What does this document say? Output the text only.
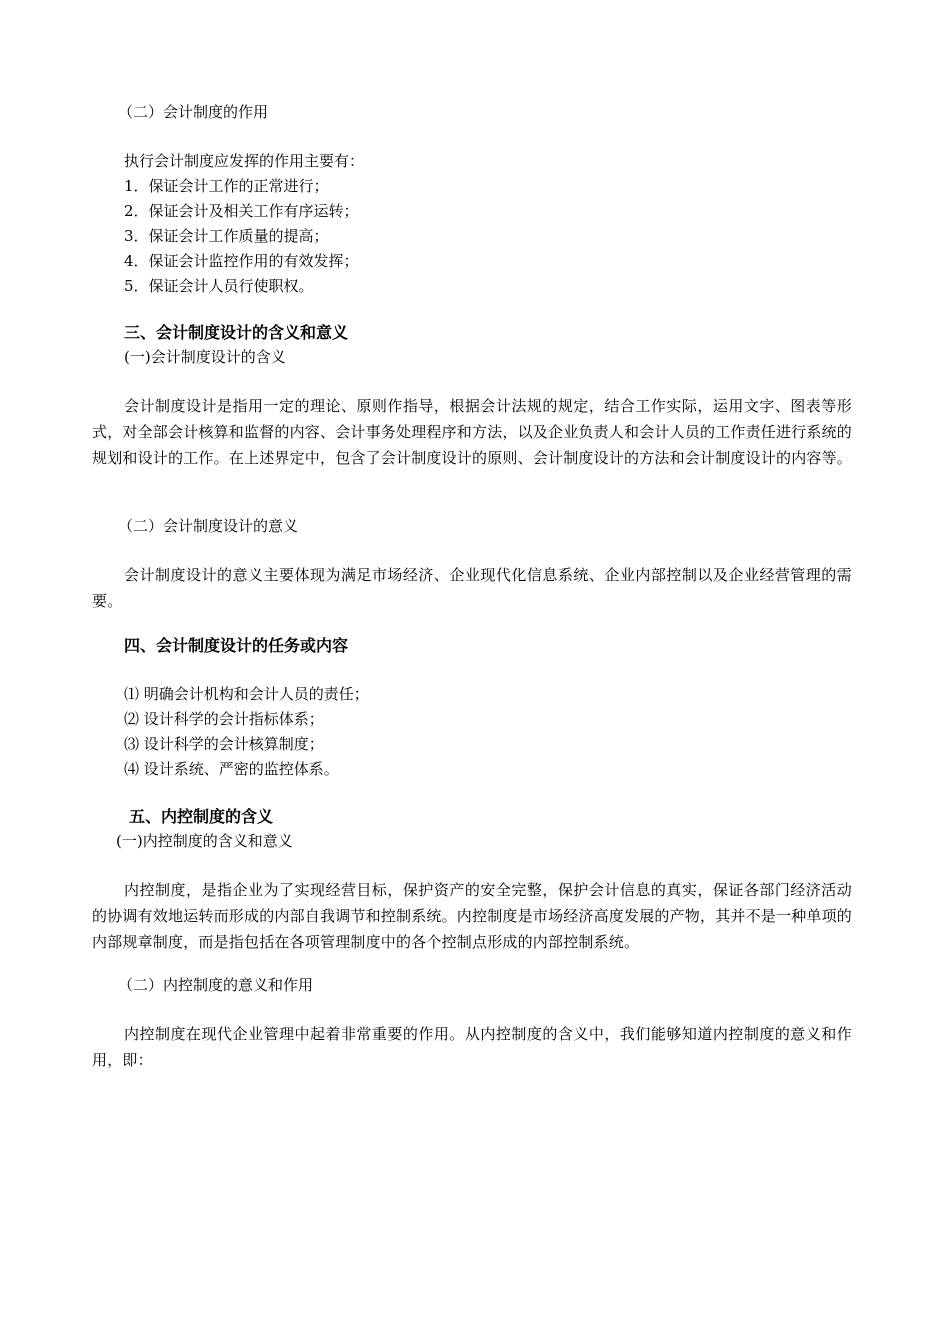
（二）会计制度的作用
执行会计制度应发挥的作用主要有：
1．保证会计工作的正常进行；
2．保证会计及相关工作有序运转；
3．保证会计工作质量的提高；
4．保证会计监控作用的有效发挥；
5．保证会计人员行使职权。
三、会计制度设计的含义和意义
(一)会计制度设计的含义
会计制度设计是指用一定的理论、原则作指导，根据会计法规的规定，结合工作实际，运用文字、图表等形式，对全部会计核算和监督的内容、会计事务处理程序和方法，以及企业负责人和会计人员的工作责任进行系统的规划和设计的工作。在上述界定中，包含了会计制度设计的原则、会计制度设计的方法和会计制度设计的内容等。
（二）会计制度设计的意义
会计制度设计的意义主要体现为满足市场经济、企业现代化信息系统、企业内部控制以及企业经营管理的需要。
四、会计制度设计的任务或内容
⑴ 明确会计机构和会计人员的责任；
⑵ 设计科学的会计指标体系；
⑶ 设计科学的会计核算制度；
⑷ 设计系统、严密的监控体系。
五、内控制度的含义
(一)内控制度的含义和意义
内控制度，是指企业为了实现经营目标，保护资产的安全完整，保护会计信息的真实，保证各部门经济活动的协调有效地运转而形成的内部自我调节和控制系统。内控制度是市场经济高度发展的产物，其并不是一种单项的内部规章制度，而是指包括在各项管理制度中的各个控制点形成的内部控制系统。
（二）内控制度的意义和作用
内控制度在现代企业管理中起着非常重要的作用。从内控制度的含义中，我们能够知道内控制度的意义和作用，即：
